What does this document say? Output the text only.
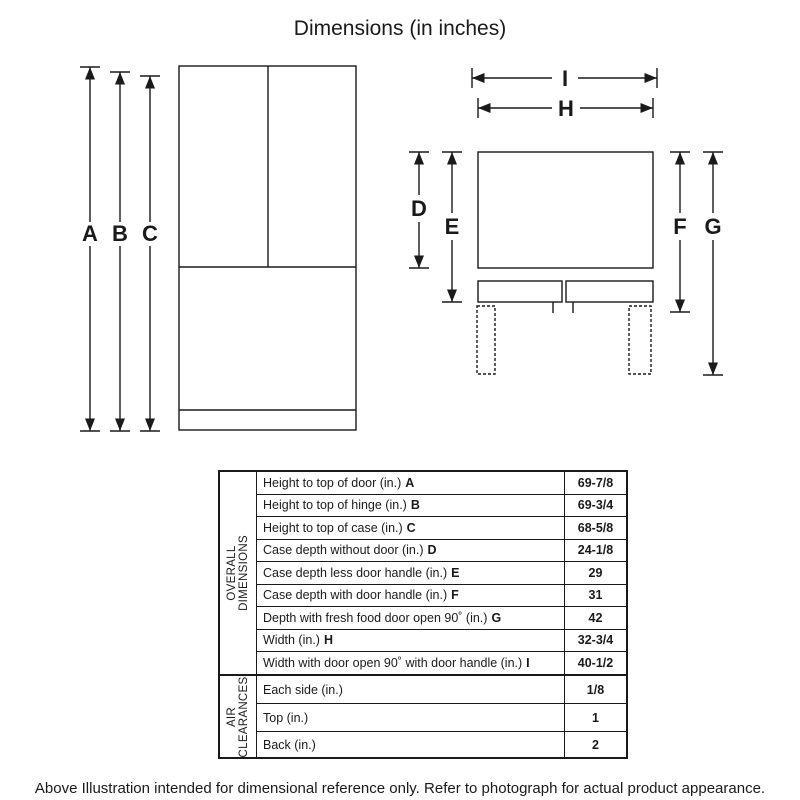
Dimensions (in inches)
A B C
I
H
D
E	F G
OVERALL DIMENSIONS
Height to top of door (in.) A	69-7/8
Height to top of hinge (in.) B	69-3/4
Height to top of case (in.) C	68-5/8
Case depth without door (in.) D	24-1/8
Case depth less door handle (in.) E	29
Case depth with door handle (in.) F	31
Depth with fresh food door open 90˚ (in.) G	42
Width (in.) H	32-3/4
Width with door open 90˚ with door handle (in.) I	40-1/2
AIR CLEARANCES Each side (in.)	1/8
Top (in.)	1
Back (in.)	2
Above Illustration intended for dimensional reference only. Refer to photograph for actual product appearance.
